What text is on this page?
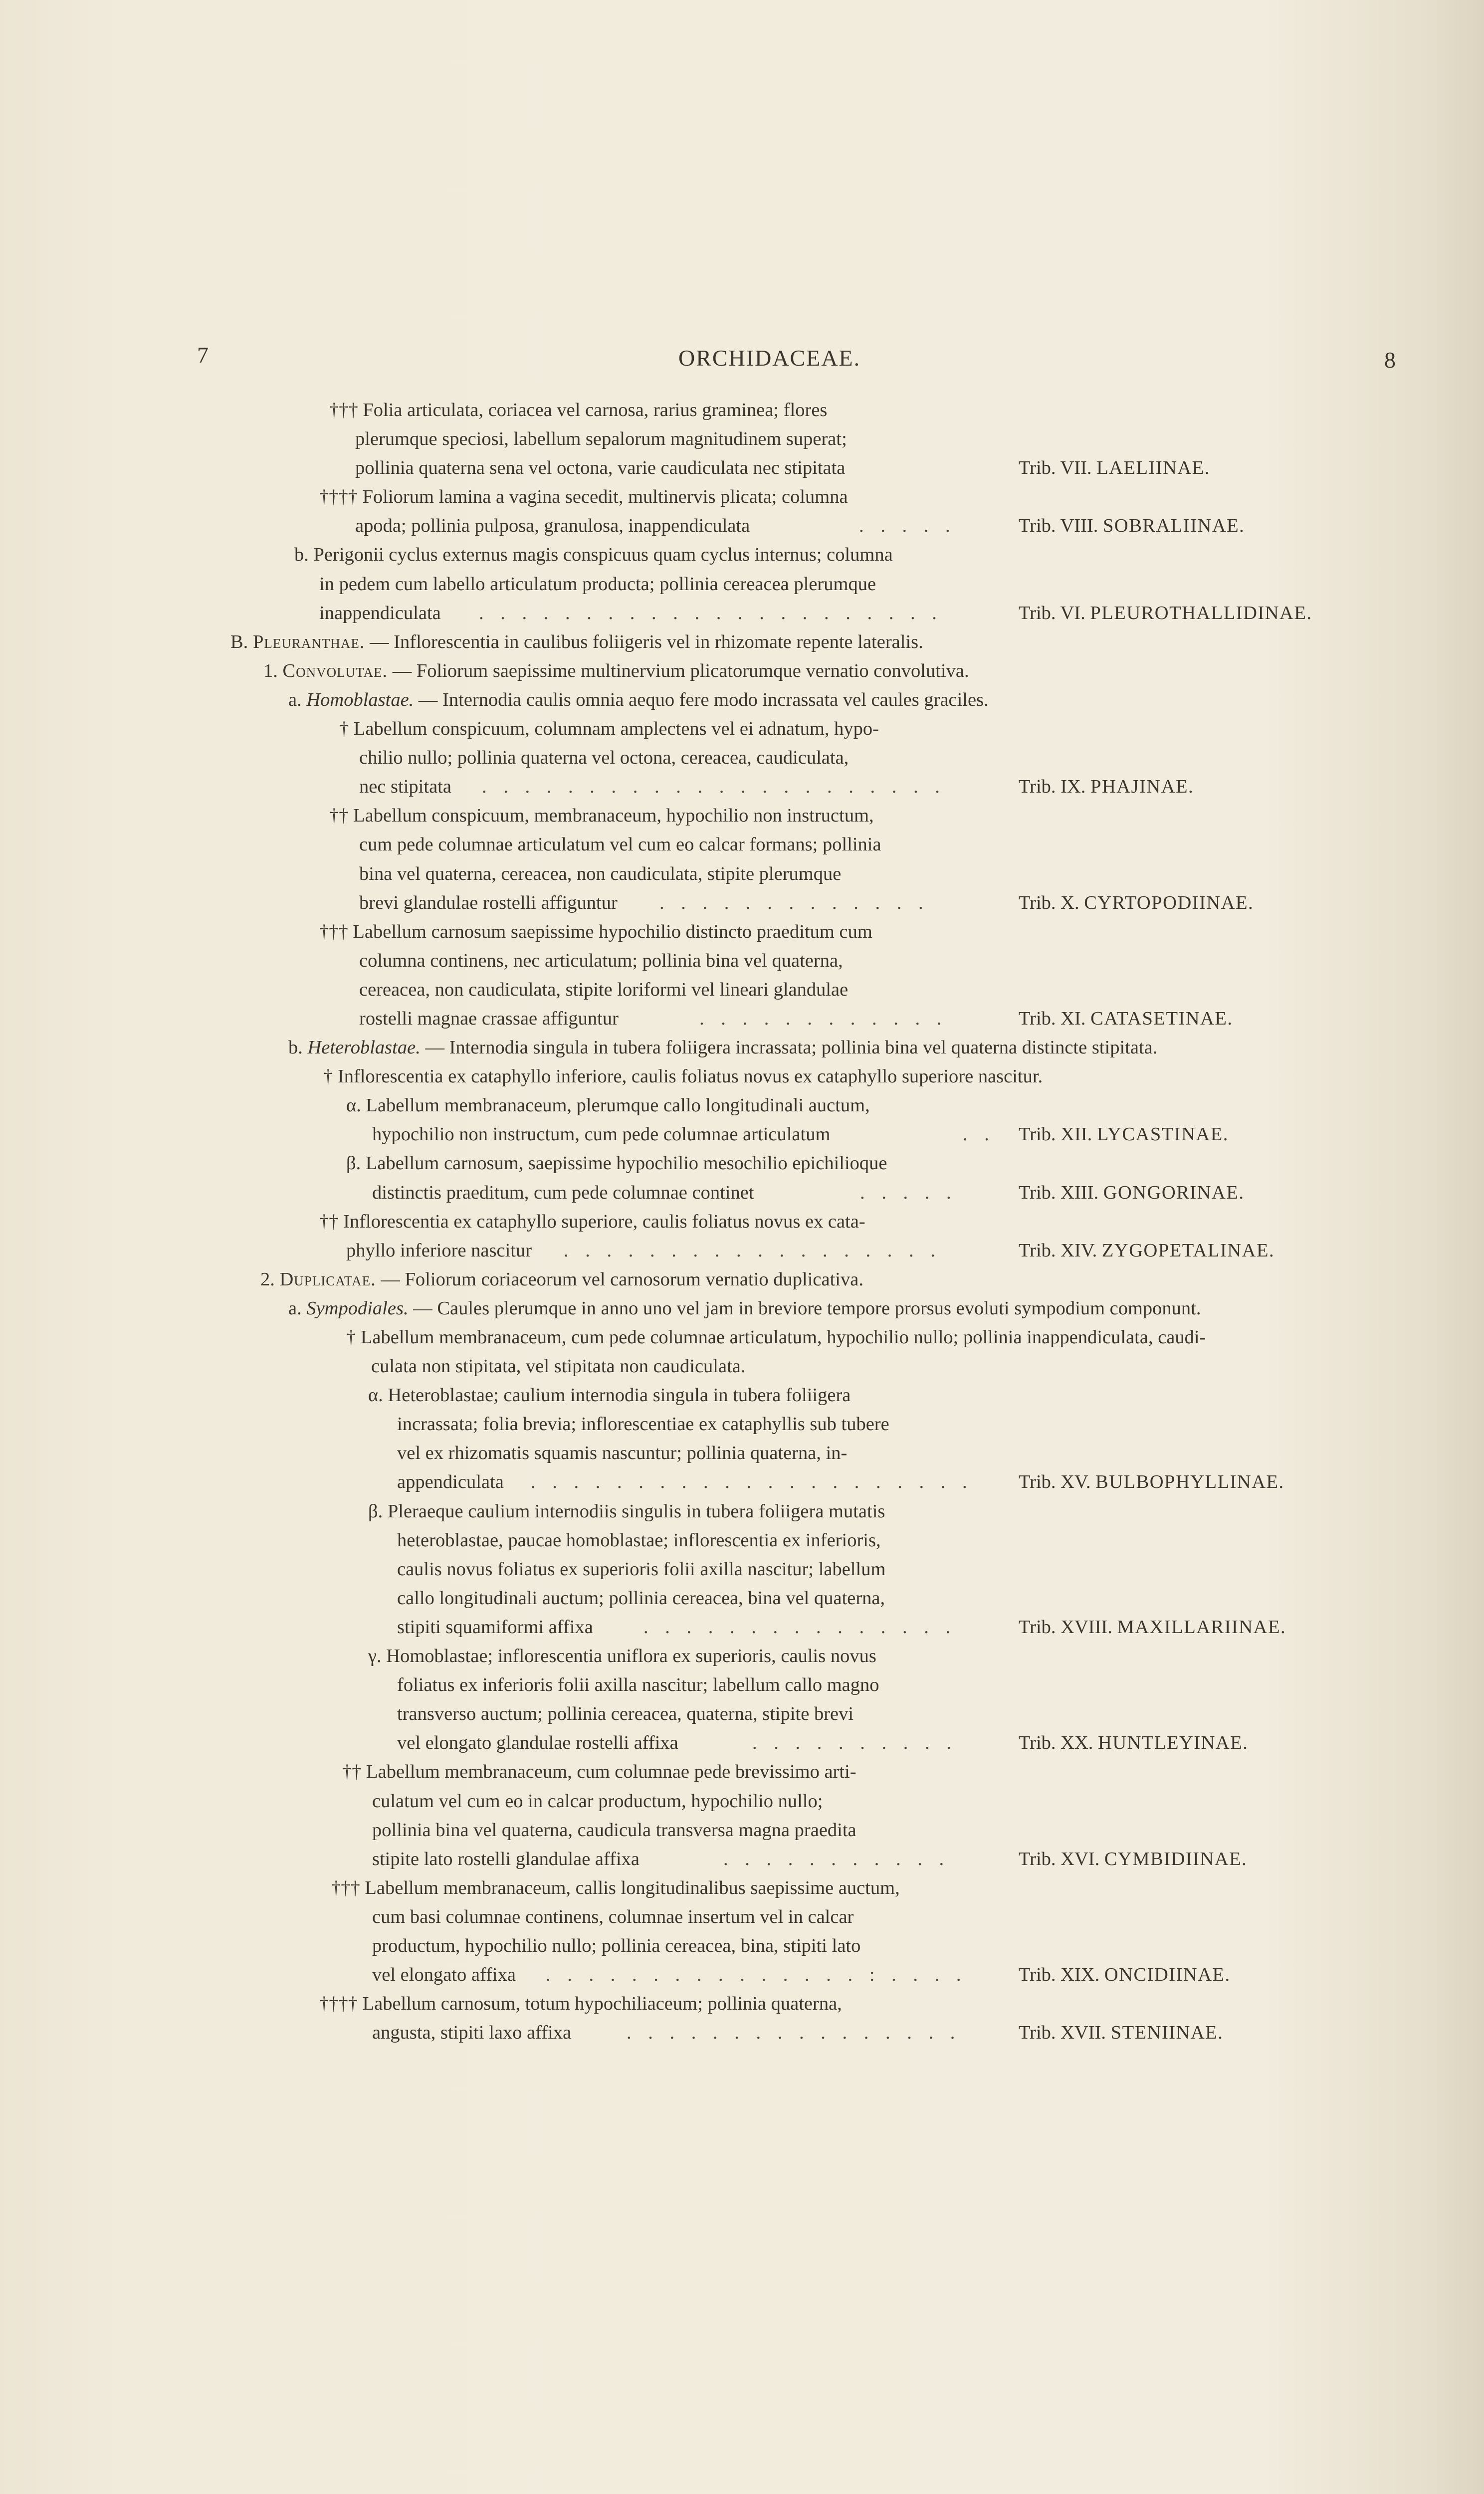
7	ORCHIDACEAE.	8
††† Folia articulata, coriacea vel carnosa, rarius graminea; flores
plerumque speciosi, labellum sepalorum magnitudinem superat;
pollinia quaterna sena vel octona, varie caudiculata nec stipitata	Trib. VII. LAELIINAE.
†††† Foliorum lamina a vagina secedit, multinervis plicata; columna
apoda; pollinia pulposa, granulosa, inappendiculata	. . . . .	Trib. VIII. SOBRALIINAE.
b. Perigonii cyclus externus magis conspicuus quam cyclus internus; columna
in pedem cum labello articulatum producta; pollinia cereacea plerumque
inappendiculata . . . . . . . . . . . . . . . . . . . . . .	Trib. VI. PLEUROTHALLIDINAE.
B. Pleuranthae. — Inflorescentia in caulibus foliigeris vel in rhizomate repente lateralis.
1. Convolutae. — Foliorum saepissime multinervium plicatorumque vernatio convolutiva.
a. Homoblastae. — Internodia caulis omnia aequo fere modo incrassata vel caules graciles.
† Labellum conspicuum, columnam amplectens vel ei adnatum, hypo-
chilio nullo; pollinia quaterna vel octona, cereacea, caudiculata,
nec stipitata . . . . . . . . . . . . . . . . . . . . . .	Trib. IX. PHAJINAE.
†† Labellum conspicuum, membranaceum, hypochilio non instructum,
cum pede columnae articulatum vel cum eo calcar formans; pollinia
bina vel quaterna, cereacea, non caudiculata, stipite plerumque
brevi glandulae rostelli affiguntur . . . . . . . . . . . . .	Trib. X. CYRTOPODIINAE.
††† Labellum carnosum saepissime hypochilio distincto praeditum cum
columna continens, nec articulatum; pollinia bina vel quaterna,
cereacea, non caudiculata, stipite loriformi vel lineari glandulae
rostelli magnae crassae affiguntur	. . . . . . . . . . . .	Trib. XI. CATASETINAE.
b. Heteroblastae. — Internodia singula in tubera foliigera incrassata; pollinia bina vel quaterna distincte stipitata.
† Inflorescentia ex cataphyllo inferiore, caulis foliatus novus ex cataphyllo superiore nascitur.
α. Labellum membranaceum, plerumque callo longitudinali auctum,
hypochilio non instructum, cum pede columnae articulatum	. . Trib. XII. LYCASTINAE.
β. Labellum carnosum, saepissime hypochilio mesochilio epichilioque
distinctis praeditum, cum pede columnae continet	. . . . .	Trib. XIII. GONGORINAE.
†† Inflorescentia ex cataphyllo superiore, caulis foliatus novus ex cata-
phyllo inferiore nascitur . . . . . . . . . . . . . . . . . .	Trib. XIV. ZYGOPETALINAE.
2. Duplicatae. — Foliorum coriaceorum vel carnosorum vernatio duplicativa.
a. Sympodiales. — Caules plerumque in anno uno vel jam in breviore tempore prorsus evoluti sympodium componunt.
† Labellum membranaceum, cum pede columnae articulatum, hypochilio nullo; pollinia inappendiculata, caudi-
culata non stipitata, vel stipitata non caudiculata.
α. Heteroblastae; caulium internodia singula in tubera foliigera
incrassata; folia brevia; inflorescentiae ex cataphyllis sub tubere
vel ex rhizomatis squamis nascuntur; pollinia quaterna, in-
appendiculata . . . . . . . . . . . . . . . . . . . . . Trib. XV. BULBOPHYLLINAE.
β. Pleraeque caulium internodiis singulis in tubera foliigera mutatis
heteroblastae, paucae homoblastae; inflorescentia ex inferioris,
caulis novus foliatus ex superioris folii axilla nascitur; labellum
callo longitudinali auctum; pollinia cereacea, bina vel quaterna,
stipiti squamiformi affixa	. . . . . . . . . . . . . . .	Trib. XVIII. MAXILLARIINAE.
γ. Homoblastae; inflorescentia uniflora ex superioris, caulis novus
foliatus ex inferioris folii axilla nascitur; labellum callo magno
transverso auctum; pollinia cereacea, quaterna, stipite brevi
vel elongato glandulae rostelli affixa	. . . . . . . . . .	Trib. XX. HUNTLEYINAE.
†† Labellum membranaceum, cum columnae pede brevissimo arti-
culatum vel cum eo in calcar productum, hypochilio nullo;
pollinia bina vel quaterna, caudicula transversa magna praedita
stipite lato rostelli glandulae affixa	. . . . . . . . . . .	Trib. XVI. CYMBIDIINAE.
††† Labellum membranaceum, callis longitudinalibus saepissime auctum,
cum basi columnae continens, columnae insertum vel in calcar
productum, hypochilio nullo; pollinia cereacea, bina, stipiti lato
vel elongato affixa . . . . . . . . . . . . . . . : . . . .	Trib. XIX. ONCIDIINAE.
†††† Labellum carnosum, totum hypochiliaceum; pollinia quaterna,
angusta, stipiti laxo affixa	. . . . . . . . . . . . . . . .	Trib. XVII. STENIINAE.
